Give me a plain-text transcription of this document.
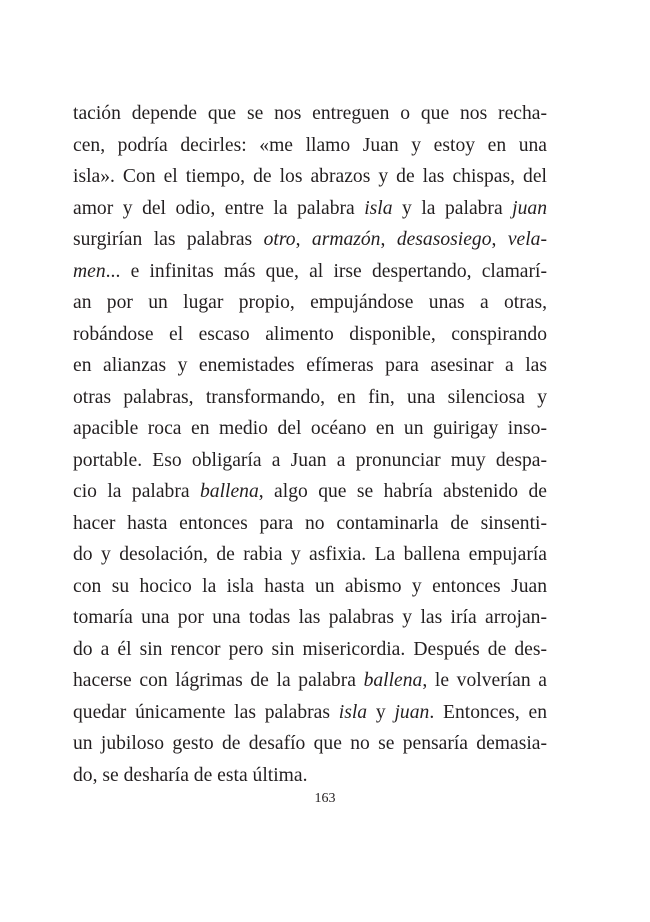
tación depende que se nos entreguen o que nos recha-
cen, podría decirles: «me llamo Juan y estoy en una
isla». Con el tiempo, de los abrazos y de las chispas, del
amor y del odio, entre la palabra isla y la palabra juan
surgirían las palabras otro, armazón, desasosiego, vela-
men... e infinitas más que, al irse despertando, clamarí-
an por un lugar propio, empujándose unas a otras,
robándose el escaso alimento disponible, conspirando
en alianzas y enemistades efímeras para asesinar a las
otras palabras, transformando, en fin, una silenciosa y
apacible roca en medio del océano en un guirigay inso-
portable. Eso obligaría a Juan a pronunciar muy despa-
cio la palabra ballena, algo que se habría abstenido de
hacer hasta entonces para no contaminarla de sinsenti-
do y desolación, de rabia y asfixia. La ballena empujaría
con su hocico la isla hasta un abismo y entonces Juan
tomaría una por una todas las palabras y las iría arrojan-
do a él sin rencor pero sin misericordia. Después de des-
hacerse con lágrimas de la palabra ballena, le volverían a
quedar únicamente las palabras isla y juan. Entonces, en
un jubiloso gesto de desafío que no se pensaría demasia-
do, se desharía de esta última.
163
